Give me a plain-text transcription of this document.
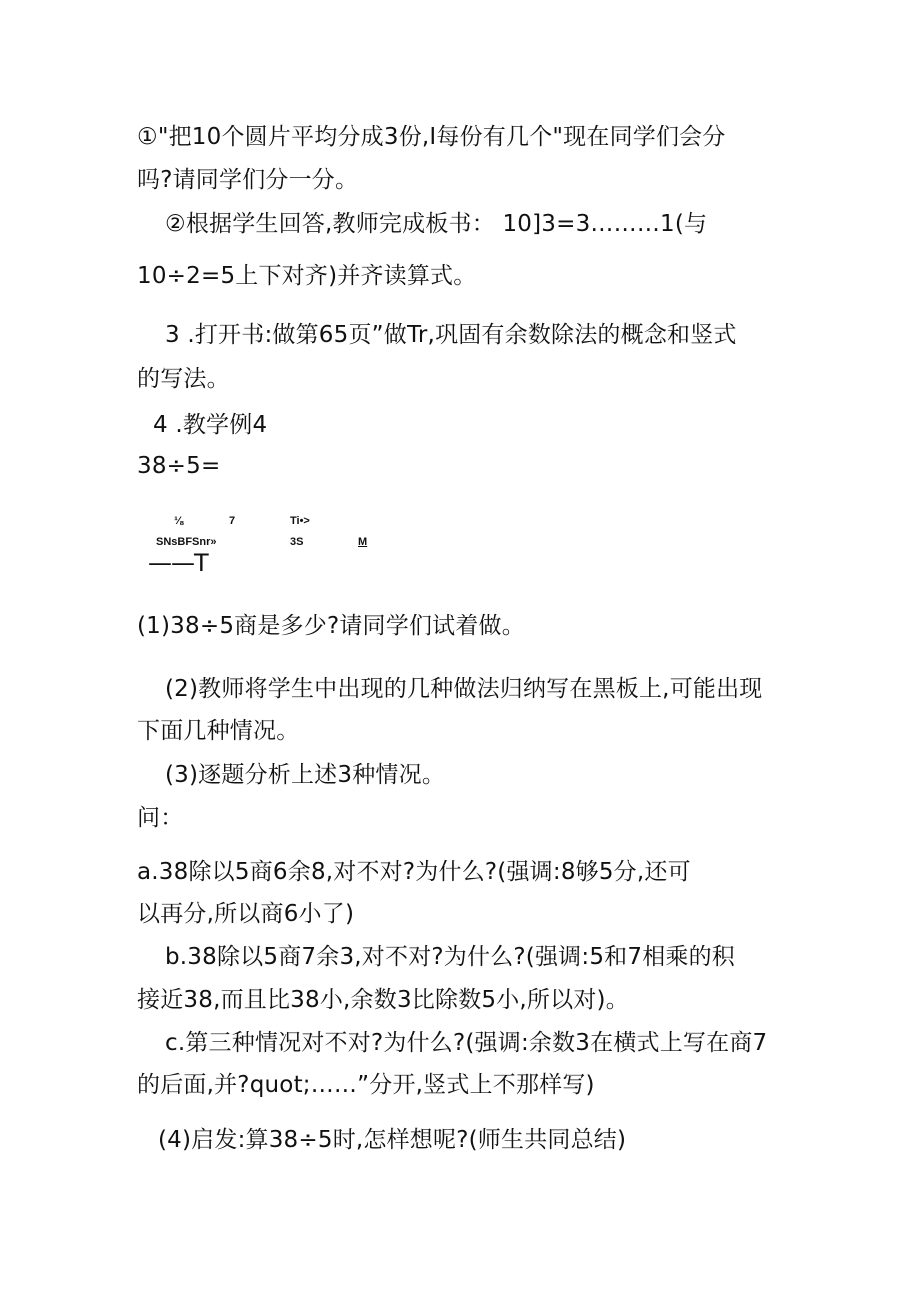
①"把10个圆片平均分成3份,I每份有几个"现在同学们会分
吗?请同学们分一分。
②根据学生回答,教师完成板书： 10]3=3………1(与
10÷2=5上下对齐)并齐读算式。
3 .打开书:做第65页”做Tr,巩固有余数除法的概念和竖式
的写法。
4 .教学例4
38÷5=
⅛	7	Ti•>
SNsBFSnr»	3S	M
——T
(1)38÷5商是多少?请同学们试着做。
(2)教师将学生中出现的几种做法归纳写在黑板上,可能出现
下面几种情况。
(3)逐题分析上述3种情况。
问：
a.38除以5商6余8,对不对?为什么?(强调:8够5分,还可
以再分,所以商6小了)
b.38除以5商7余3,对不对?为什么?(强调:5和7相乘的积
接近38,而且比38小,余数3比除数5小,所以对)。
c.第三种情况对不对?为什么?(强调:余数3在横式上写在商7
的后面,并?quot;……”分开,竖式上不那样写)
(4)启发:算38÷5时,怎样想呢?(师生共同总结)
